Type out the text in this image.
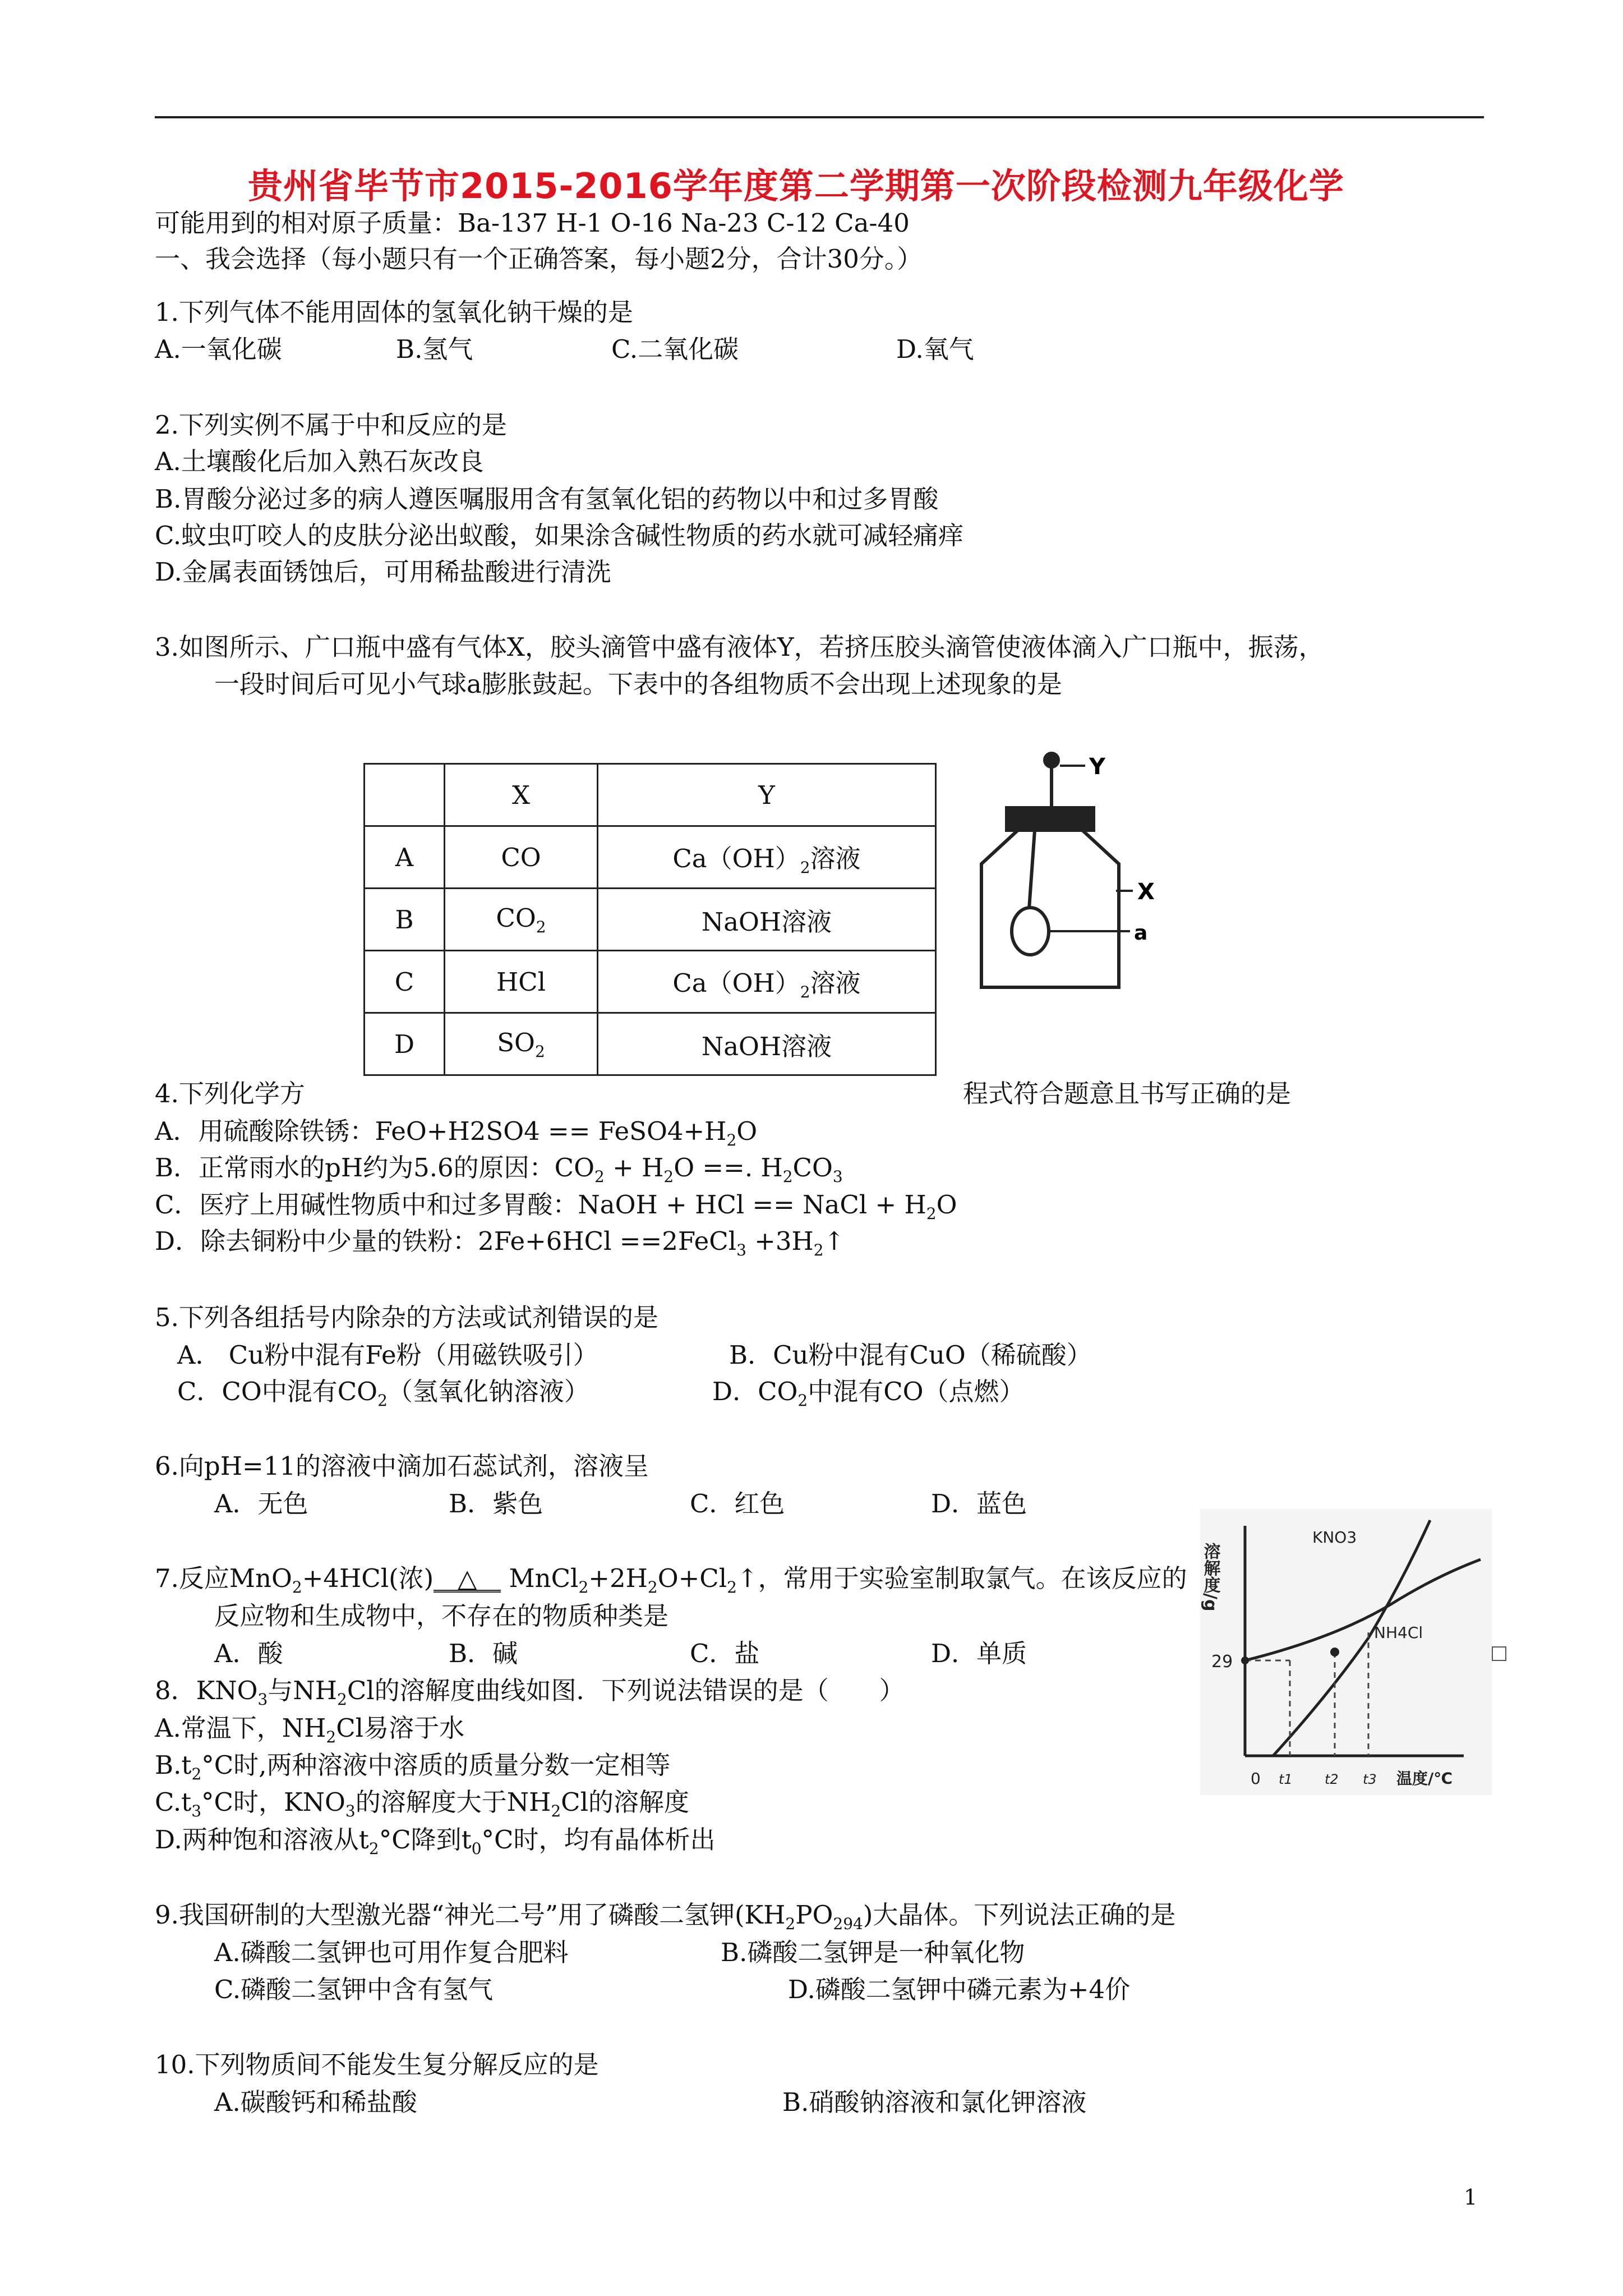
贵州省毕节市2015-2016学年度第二学期第一次阶段检测九年级化学
可能用到的相对原子质量：Ba-137 H-1 O-16 Na-23 C-12 Ca-40
一、我会选择（每小题只有一个正确答案，每小题2分，合计30分。）
1.下列气体不能用固体的氢氧化钠干燥的是
A.一氧化碳	B.氢气	C.二氧化碳	D.氧气
2.下列实例不属于中和反应的是
A.土壤酸化后加入熟石灰改良
B.胃酸分泌过多的病人遵医嘱服用含有氢氧化铝的药物以中和过多胃酸
C.蚊虫叮咬人的皮肤分泌出蚁酸，如果涂含碱性物质的药水就可减轻痛痒
D.金属表面锈蚀后，可用稀盐酸进行清洗
3.如图所示、广口瓶中盛有气体X，胶头滴管中盛有液体Y，若挤压胶头滴管使液体滴入广口瓶中，振荡，
一段时间后可见小气球a膨胀鼓起。下表中的各组物质不会出现上述现象的是
	X	Y
A	CO	$Ca(OH)_2$溶液
B	$CO_2$	NaOH溶液
C	HCl	$Ca(OH)_2$溶液
D	$SO_2$	NaOH溶液
Y
X
a
4.下列化学方	程式符合题意且书写正确的是
A．用硫酸除铁锈：$FeO+H2SO4 == FeSO4+H_2O$
B．正常雨水的pH约为5.6的原因：$CO_2 + H_2O$ ==. $H_2CO_3$
C．医疗上用碱性物质中和过多胃酸：NaOH + HCl == NaCl + $H_2O$
D．除去铜粉中少量的铁粉：2Fe+6HCl ==2FeCl$_3$ $+3H_2↑$
5.下列各组括号内除杂的方法或试剂错误的是
A． Cu粉中混有Fe粉（用磁铁吸引）	B．Cu粉中混有CuO（稀硫酸）
C．CO中混有$CO_2$（氢氧化钠溶液）	D．$CO_2$中混有CO（点燃）
6.向pH=11的溶液中滴加石蕊试剂，溶液呈
A．无色	B．紫色	C．红色	D．蓝色
7.反应MnO$_2$+4HCl(浓) △ $MnCl_2+2H_2O+Cl_2↑$，常用于实验室制取氯气。在该反应的
反应物和生成物中，不存在的物质种类是
A．酸	B．碱	C．盐	D．单质
8．$KNO_3$与$NH_2Cl$的溶解度曲线如图．下列说法错误的是（　　）
A.常温下，$NH_2Cl$易溶于水
$B.t_2^\circ C$时,两种溶液中溶质的质量分数一定相等
$C.t_3^\circ C$时，$KNO_3$的溶解度大于$NH_2Cl$的溶解度
D.两种饱和溶液从$t_2^\circ C$降到$t_0^\circ C$时，均有晶体析出
29
0 t1 t2 t3 温度/℃
KNO3
NH4Cl
溶解度/g
9.我国研制的大型激光器“神光二号”用了磷酸二氢钾$(KH_2PO_{294})$大晶体。下列说法正确的是
A.磷酸二氢钾也可用作复合肥料	B.磷酸二氢钾是一种氧化物
C.磷酸二氢钾中含有氢气	D.磷酸二氢钾中磷元素为+4价
10.下列物质间不能发生复分解反应的是
A.碳酸钙和稀盐酸	B.硝酸钠溶液和氯化钾溶液
1
